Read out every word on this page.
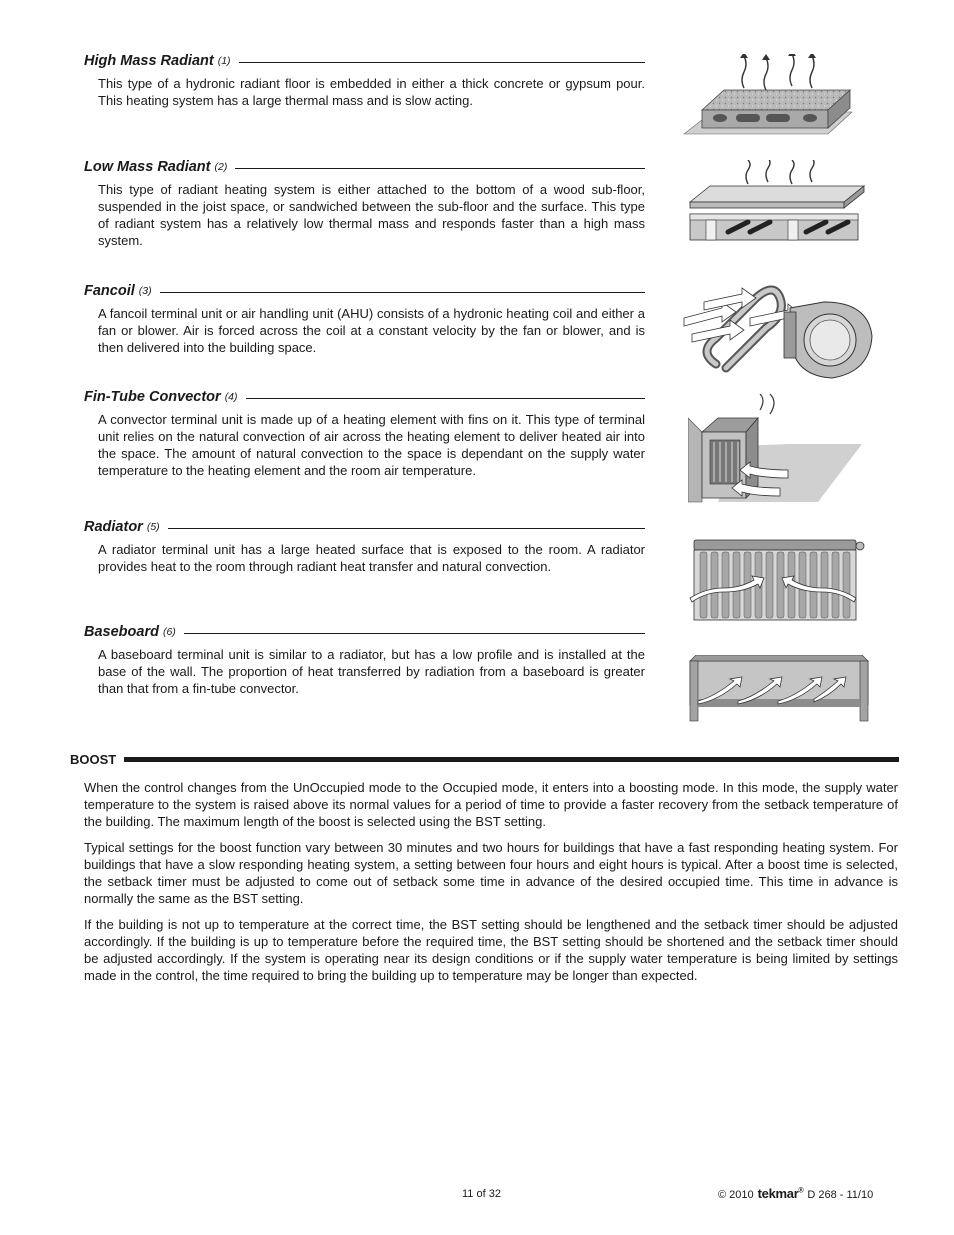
High Mass Radiant (1)
This type of a hydronic radiant floor is embedded in either a thick concrete or gypsum pour. This heating system has a large thermal mass and is slow acting.
Low Mass Radiant (2)
This type of radiant heating system is either attached to the bottom of a wood sub-floor, suspended in the joist space, or sandwiched between the sub-floor and the surface. This type of radiant system has a relatively low thermal mass and responds faster than a high mass system.
Fancoil (3)
A fancoil terminal unit or air handling unit (AHU) consists of a hydronic heating coil and either a fan or blower. Air is forced across the coil at a constant velocity by the fan or blower, and is then delivered into the building space.
Fin-Tube Convector (4)
A convector terminal unit is made up of a heating element with fins on it. This type of terminal unit relies on the natural convection of air across the heating element to deliver heated air into the space. The amount of natural convection to the space is dependant on the supply water temperature to the heating element and the room air temperature.
Radiator (5)
A radiator terminal unit has a large heated surface that is exposed to the room. A radiator provides heat to the room through radiant heat transfer and natural convection.
Baseboard (6)
A baseboard terminal unit is similar to a radiator, but has a low profile and is installed at the base of the wall. The proportion of heat transferred by radiation from a baseboard is greater than that from a fin-tube convector.
BOOST

When the control changes from the UnOccupied mode to the Occupied mode, it enters into a boosting mode. In this mode, the supply water temperature to the system is raised above its normal values for a period of time to provide a faster recovery from the setback temperature of the building. The maximum length of the boost is selected using the BST setting.

Typical settings for the boost function vary between 30 minutes and two hours for buildings that have a fast responding heating system. For buildings that have a slow responding heating system, a setting between four hours and eight hours is typical. After a boost time is selected, the setback timer must be adjusted to come out of setback some time in advance of the desired occupied time. This time in advance is normally the same as the BST setting.

If the building is not up to temperature at the correct time, the BST setting should be lengthened and the setback timer should be adjusted accordingly. If the building is up to temperature before the required time, the BST setting should be shortened and the setback timer should be adjusted accordingly. If the system is operating near its design conditions or if the supply water temperature is being limited by settings made in the control, the time required to bring the building up to temperature may be longer than expected.

11 of 32	© 2010 tekmar® D 268 - 11/10
